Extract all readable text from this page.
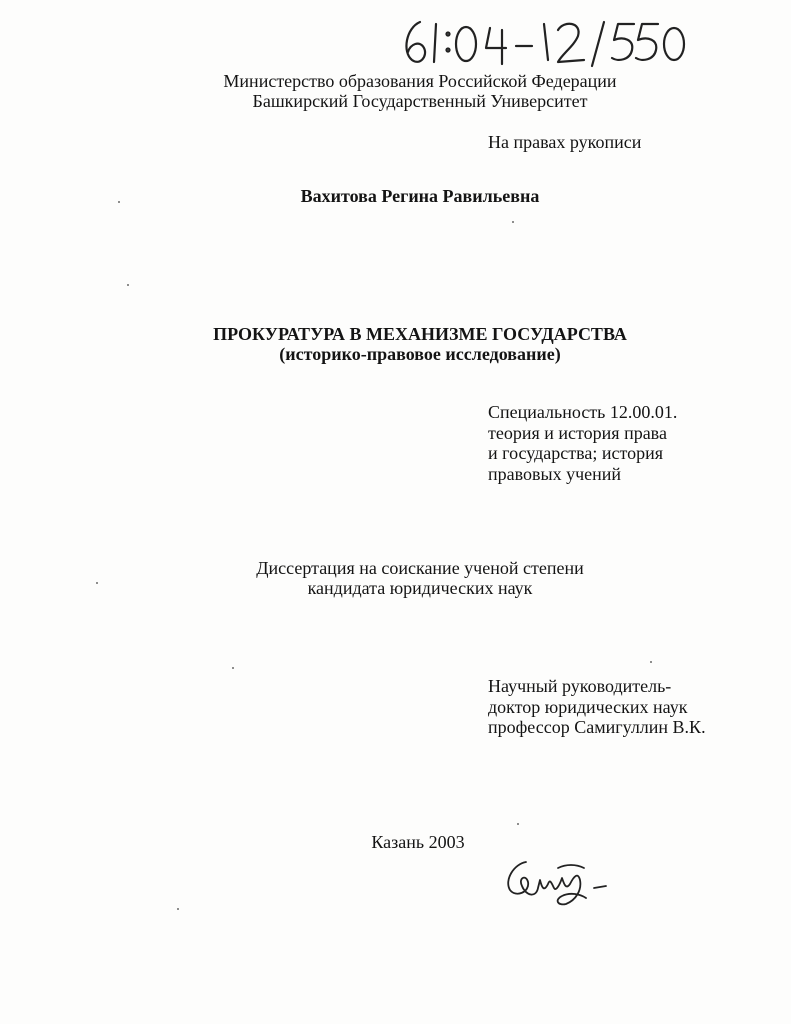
Министерство образования Российской Федерации
Башкирский Государственный Университет
На правах рукописи
Вахитова Регина Равильевна
ПРОКУРАТУРА В МЕХАНИЗМЕ ГОСУДАРСТВА
(историко-правовое исследование)
Специальность 12.00.01.
теория и история права
и государства; история
правовых учений
Диссертация на соискание ученой степени
кандидата юридических наук
Научный руководитель-
доктор юридических наук
профессор Самигуллин В.К.
Казань 2003
